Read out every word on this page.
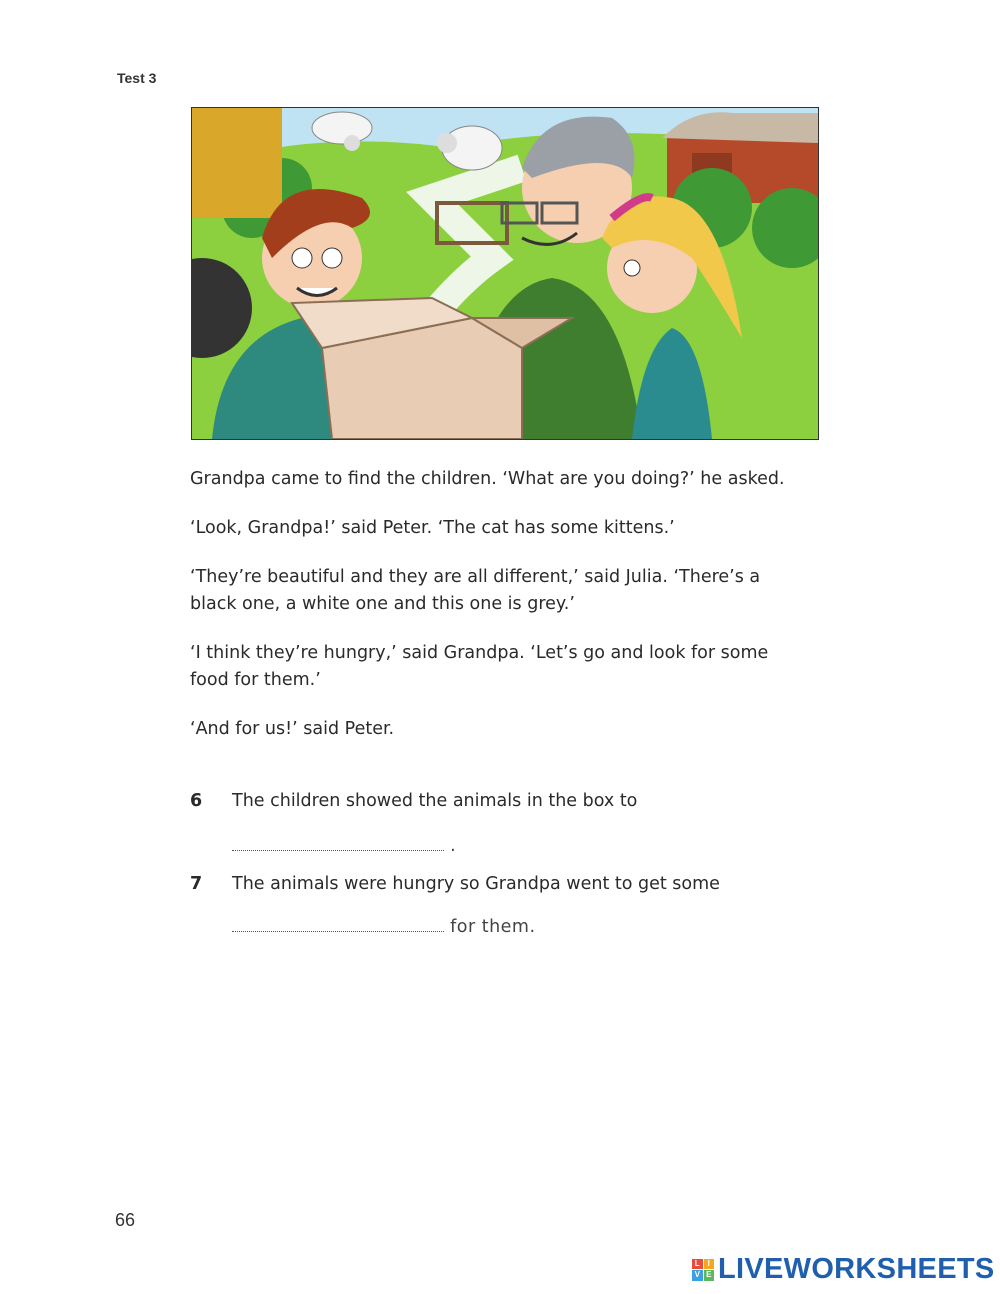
Test 3

Grandpa came to find the children. ‘What are you doing?’ he asked.

‘Look, Grandpa!’ said Peter. ‘The cat has some kittens.’

‘They’re beautiful and they are all different,’ said Julia. ‘There’s a black one, a white one and this one is grey.’

‘I think they’re hungry,’ said Grandpa. ‘Let’s go and look for some food for them.’

‘And for us!’ said Peter.

6 The children showed the animals in the box to
.
7 The animals were hungry so Grandpa went to get some
for them.
66
L I
V E LIVEWORKSHEETS
